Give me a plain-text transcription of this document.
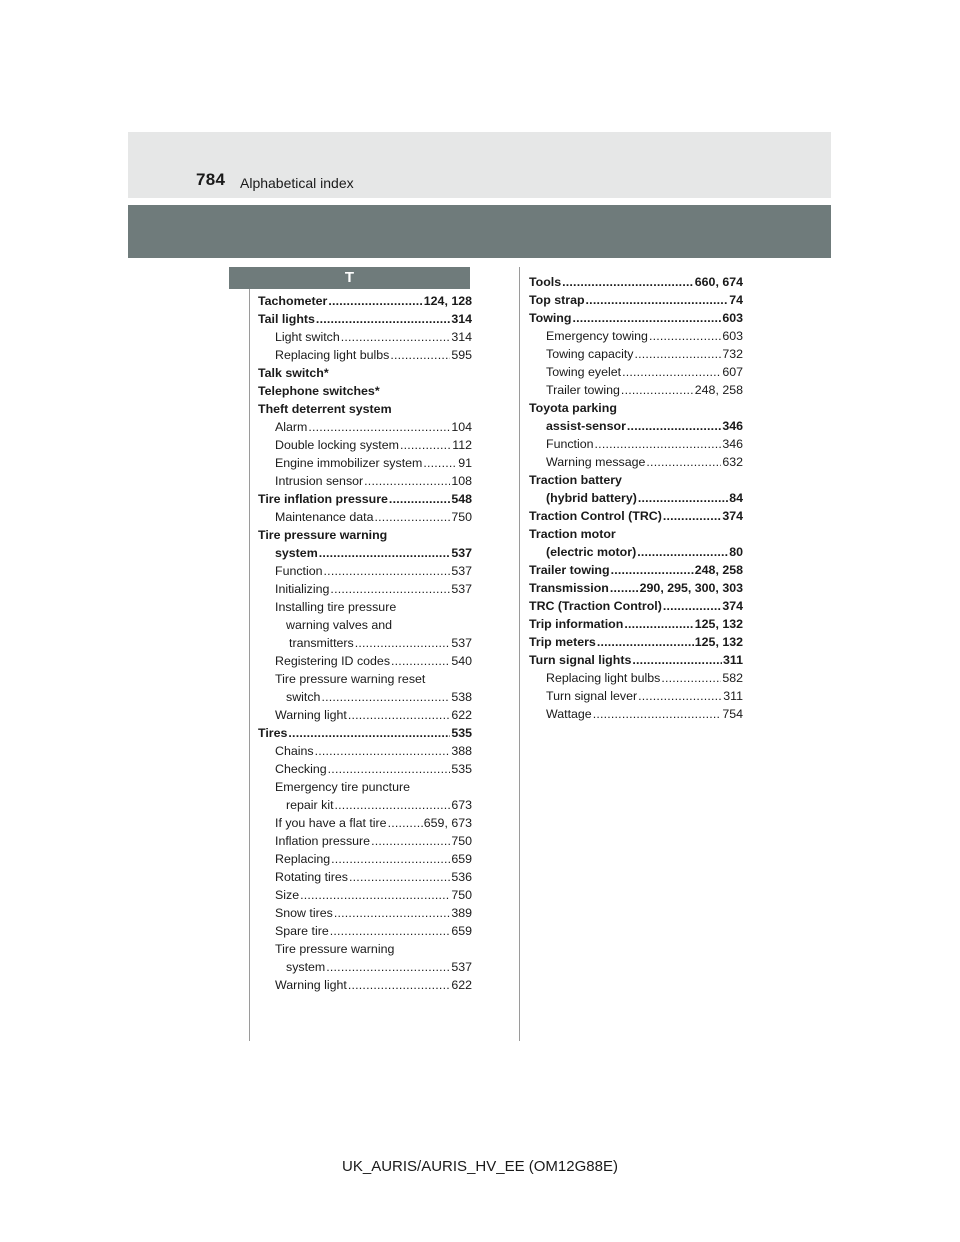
784 Alphabetical index
T
Tachometer .....	124, 128
Tail lights .....	314
Light switch .....	314
Replacing light bulbs .....	595
Talk switch*
Telephone switches*
Theft deterrent system
Alarm .....	104
Double locking system .....	112
Engine immobilizer system .....	91
Intrusion sensor .....	108
Tire inflation pressure .....	548
Maintenance data .....	750
Tire pressure warning
system .....	537
Function .....	537
Initializing .....	537
Installing tire pressure
warning valves and
transmitters .....	537
Registering ID codes .....	540
Tire pressure warning reset
switch .....	538
Warning light .....	622
Tires .....	535
Chains .....	388
Checking .....	535
Emergency tire puncture
repair kit .....	673
If you have a flat tire .....	659, 673
Inflation pressure .....	750
Replacing .....	659
Rotating tires .....	536
Size .....	750
Snow tires .....	389
Spare tire .....	659
Tire pressure warning
system .....	537
Warning light .....	622
Tools .....	660, 674
Top strap .....	74
Towing .....	603
Emergency towing .....	603
Towing capacity .....	732
Towing eyelet .....	607
Trailer towing .....	248, 258
Toyota parking
assist-sensor .....	346
Function .....	346
Warning message .....	632
Traction battery
(hybrid battery) .....	84
Traction Control (TRC) .....	374
Traction motor
(electric motor) .....	80
Trailer towing .....	248, 258
Transmission ..... 290, 295, 300, 303
TRC (Traction Control) .....	374
Trip information .....	125, 132
Trip meters .....	125, 132
Turn signal lights .....	311
Replacing light bulbs .....	582
Turn signal lever .....	311
Wattage .....	754
UK_AURIS/AURIS_HV_EE (OM12G88E)
